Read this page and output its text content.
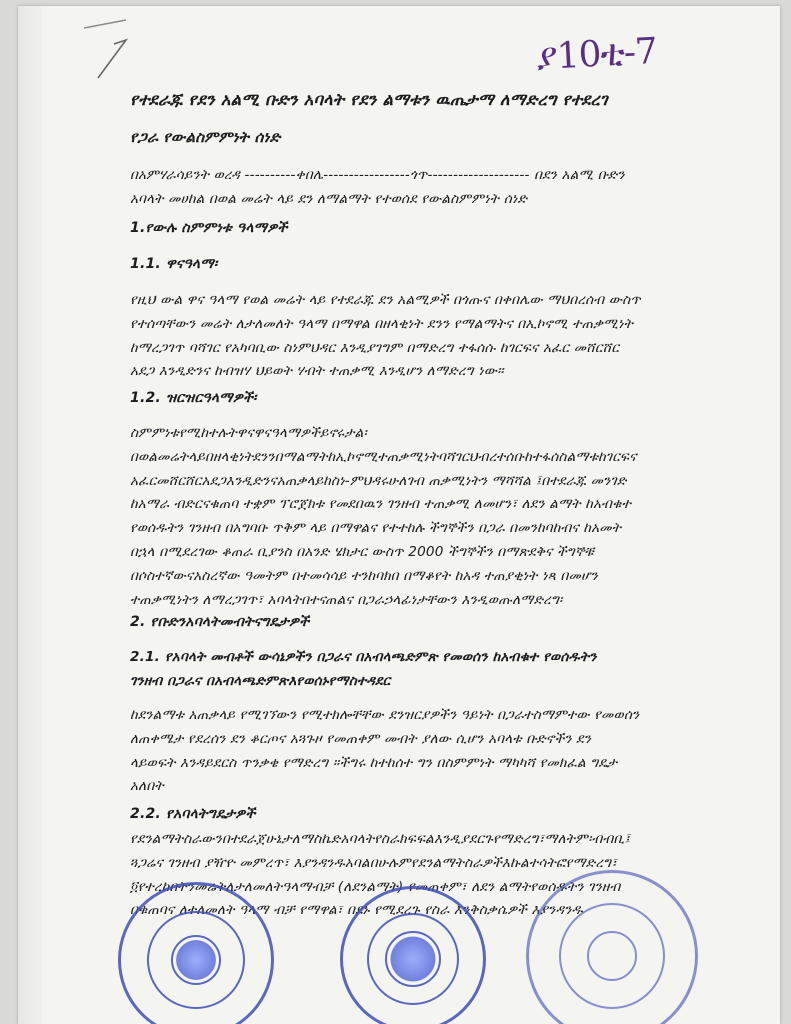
ያ10ቲ-7
የተደራጁ የደን አልሚ ቡድን አባላት የደን ልማቱን ዉጤታማ ለማድረግ የተደረገ
የጋራ የውልስምምነት ሰነድ
በአምሃራሳይንት ወረዳ ----------ቀበሌ-----------------ጎጥ-------------------- በደን አልሚ ቡድን
አባላት መሀከል በወል መሬት ላይ ደን ለማልማት የተወሰደ የውልስምምነት ሰነድ
1.የውሉ ስምምነቱ ዓላማዎች
1.1. ዋናዓላማ፡
የዚህ ውል ዋና ዓላማ የወል መሬት ላይ የተደራጁ ደን አልሚዎች በጎጡና በቀበሌው ማህበረሰብ ውስጥ
የተሰጣቸውን መሬት ለታለመለት ዓላማ በማዋል በዘላቂነት ደንን የማልማትና በኢኮኖሚ ተጠቃሚነት
ከማረጋገጥ ባሻገር የአካባቢው ስነምህዳር እንዲያገግም በማድረግ ተፋሰሱ ከገርፍና አፈር መሸርሸር
አደጋ እንዲድንና ከብዝሃ ህይወት ሃብት ተጠቃሚ እንዲሆን ለማድረግ ነው።
1.2. ዝርዝርዓላማዎች፡
ስምምነቱየሚከተሉትዋናዋናዓላማዎችይኖሩታል፡
በወልመሬትላይበዘላቂነትደንንበማልማትከኢኮኖሚተጠቃሚነትባሻገርህብረተሰቡከተፋሰስልማቱከገርፍና
አፈርመሸርሸርአደጋእንዲድንናአጠቃላይከስነ-ምህዳሩሁለገብ ጠቃሚነትን ማሻሻል ፤በተደራጁ መንገድ
ከአማራ ብድርናቁጠባ ተቋም ፕሮጀክቱ የመደበዉን ገንዘብ ተጠቃሚ ለመሆን፣ ለደን ልማት ከአብቁተ
የወሰዱትን ገንዘብ በአግባቡ ጥቅም ላይ በማዋልና የተተከሉ ችግኞችን በጋራ በመንከባከብና ከአመት
በኋላ በሚደረገው ቆጠራ ቢያንስ በአንድ ሄክታር ውስጥ 2000 ችግኞችን በማጽደቅና ችግኞቹ
በሶስተኛውናአስረኛው ዓመትም በተመሳሳይ ተንከባክበ በማቆየት ከአዳ ተጠያቂነት ነጻ በመሆን
ተጠቃሚነትን ለማረጋገጥ፣ አባላትበተናጠልና በጋራኃላፊነታቸውን እንዲወጡለማድረግ፡
2. የቡድንአባላትመብትናግዴታዎች
2.1. የአባላት መብቶች ውሳኔዎችን በጋራና በአብላጫድምጽ የመወሰን ከአብቁተ የወሰዱትን
ገንዘብ በጋራና በአብላጫድምጽእየወሰኑየማስተዳደር
ከደንልማቱ አጠቃላይ የሚገኘውን የሚተክሎቸቸው ደንዝርያዎችን ዓይነት በጋራተስማምተው የመወሰን
ለጠቀሜታ የደረሰን ደን ቆርጦና አጓጉዞ የመጠቀም መብት ያለው ሲሆን አባላቱ ቡድኖችን ደን
ላይወፍት እንዳይደርስ ጥንቃቄ የማድረግ ።ችግሩ ከተከሰተ ግን በስምምነት ማካካሻ የመክፈል ግዴታ
አለበት
2.2. የአባላትግዴታዎች
የደንልማትስራውንበተደራጀሁኔታለማስኬድአባላትየስራክፍፍልእንዲያደርጉየማድረግ፣ማለትም፡ብብቢ፤
ጓጋሬና ገንዘብ ያዥዮ መምረጥ፣ እያንዳንዱአባልበሁሉምየደንልማትስራዎችእኩልተሳትፎየማድረግ፣
፬የተረከበትንመሬትለታለመለትዓላማብቻ (ለደንልማት) የመጠቀም፣ ለደን ልማትየወሰዱትን ገንዘብ
በቁጠባና ለተለመለት ዓላማ ብቻ የማዋል፣ በደኑ የሚደረጉ የስራ እንቅስቃሴዎች እያንዳንዱ
